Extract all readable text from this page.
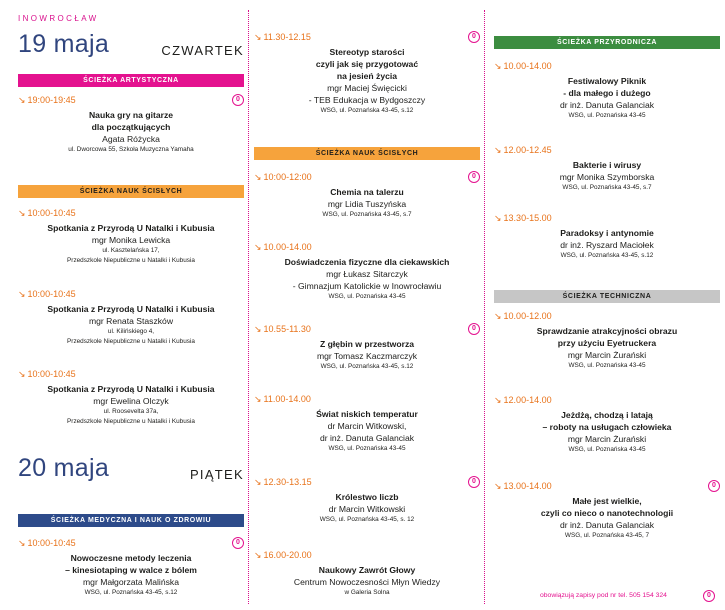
INOWROCŁAW
19 maja	CZWARTEK
ŚCIEŻKA ARTYSTYCZNA
↘ 19:00-19:45	0
Nauka gry na gitarze
dla początkujących
Agata Różycka
ul. Dworcowa 55, Szkoła Muzyczna Yamaha
ŚCIEŻKA NAUK ŚCISŁYCH
↘ 10:00-10:45
Spotkania z Przyrodą U Natalki i Kubusia
mgr Monika Lewicka
ul. Kasztelańska 17,
Przedszkole Niepubliczne u Natalki i Kubusia
↘ 10:00-10:45
Spotkania z Przyrodą U Natalki i Kubusia
mgr Renata Staszków
ul. Kilińskiego 4,
Przedszkole Niepubliczne u Natalki i Kubusia
↘ 10:00-10:45
Spotkania z Przyrodą U Natalki i Kubusia
mgr Ewelina Olczyk
ul. Roosevelta 37a,
Przedszkole Niepubliczne u Natalki i Kubusia
20 maja	PIĄTEK
ŚCIEŻKA MEDYCZNA I NAUK O ZDROWIU
↘ 10:00-10:45	0
Nowoczesne metody leczenia
– kinesiotaping w walce z bólem
mgr Małgorzata Malińska
WSG, ul. Poznańska 43-45, s.12
↘ 11.30-12.15	0
Stereotyp starości
czyli jak się przygotować
na jesień życia
mgr Maciej Święcicki
- TEB Edukacja w Bydgoszczy
WSG, ul. Poznańska 43-45, s.12
ŚCIEŻKA NAUK ŚCISŁYCH
↘ 10:00-12:00	0
Chemia na talerzu
mgr Lidia Tuszyńska
WSG, ul. Poznańska 43-45, s.7
↘ 10.00-14.00
Doświadczenia fizyczne dla ciekawskich
mgr Łukasz Sitarczyk
- Gimnazjum Katolickie w Inowrocławiu
WSG, ul. Poznańska 43-45
↘ 10.55-11.30	0
Z głębin w przestworza
mgr Tomasz Kaczmarczyk
WSG, ul. Poznańska 43-45, s.12
↘ 11.00-14.00
Świat niskich temperatur
dr Marcin Witkowski,
dr inż. Danuta Galanciak
WSG, ul. Poznańska 43-45
↘ 12.30-13.15	0
Królestwo liczb
dr Marcin Witkowski
WSG, ul. Poznańska 43-45, s. 12
↘ 16.00-20.00
Naukowy Zawrót Głowy
Centrum Nowoczesności Młyn Wiedzy
w Galeria Solna
ŚCIEŻKA PRZYRODNICZA
↘ 10.00-14.00
Festiwalowy Piknik
- dla małego i dużego
dr inż. Danuta Galanciak
WSG, ul. Poznańska 43-45
↘ 12.00-12.45
Bakterie i wirusy
mgr Monika Szymborska
WSG, ul. Poznańska 43-45, s.7
↘ 13.30-15.00
Paradoksy i antynomie
dr inż. Ryszard Maciołek
WSG, ul. Poznańska 43-45, s.12
ŚCIEŻKA TECHNICZNA
↘ 10.00-12.00
Sprawdzanie atrakcyjności obrazu
przy użyciu Eyetruckera
mgr Marcin Żurański
WSG, ul. Poznańska 43-45
↘ 12.00-14.00
Jeżdżą, chodzą i latają
– roboty na usługach człowieka
mgr Marcin Żurański
WSG, ul. Poznańska 43-45
↘ 13.00-14.00	0
Małe jest wielkie,
czyli co nieco o nanotechnologii
dr inż. Danuta Galanciak
WSG, ul. Poznańska 43-45, 7
obowiązują zapisy pod nr tel. 505 154 324	0
